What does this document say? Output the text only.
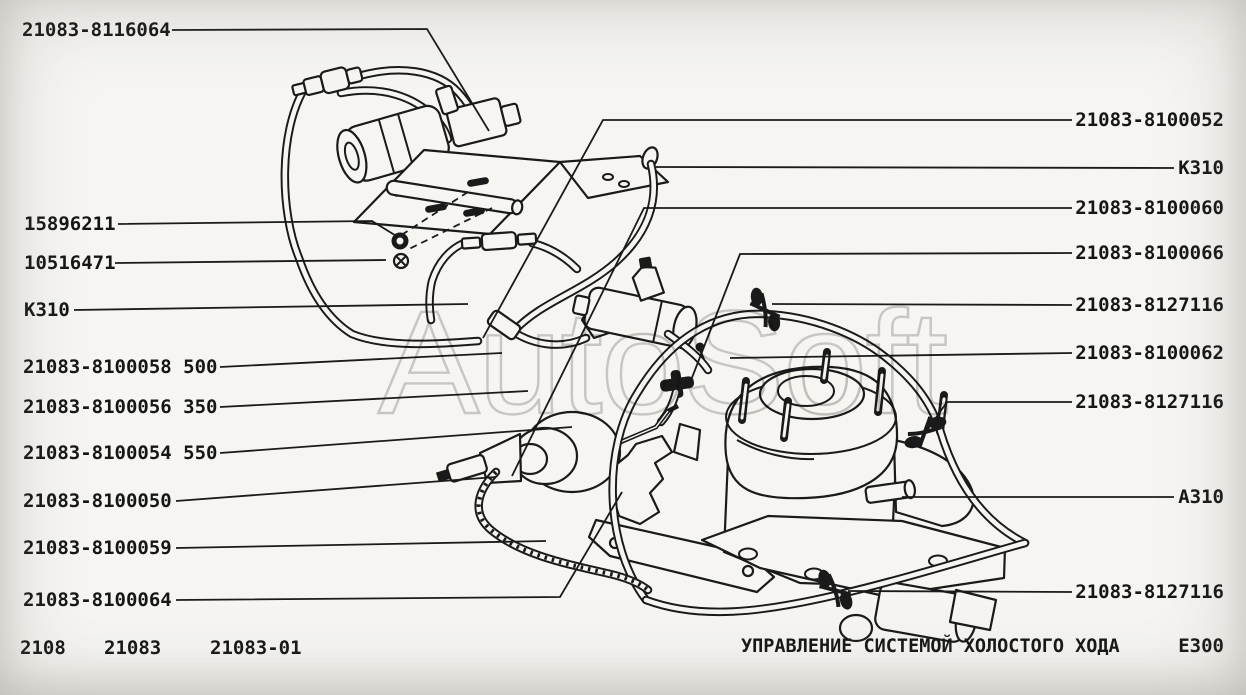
AutoSoft
21083-8116064
15896211
10516471
К310
21083-8100058 500
21083-8100056 350
21083-8100054 550
21083-8100050
21083-8100059
21083-8100064
21083-8100052
К310
21083-8100060
21083-8100066
21083-8127116
21083-8100062
21083-8127116
А310
21083-8127116
2108 21083	21083-01	УПРАВЛЕНИЕ СИСТЕМОЙ ХОЛОСТОГО ХОДА	Е300
